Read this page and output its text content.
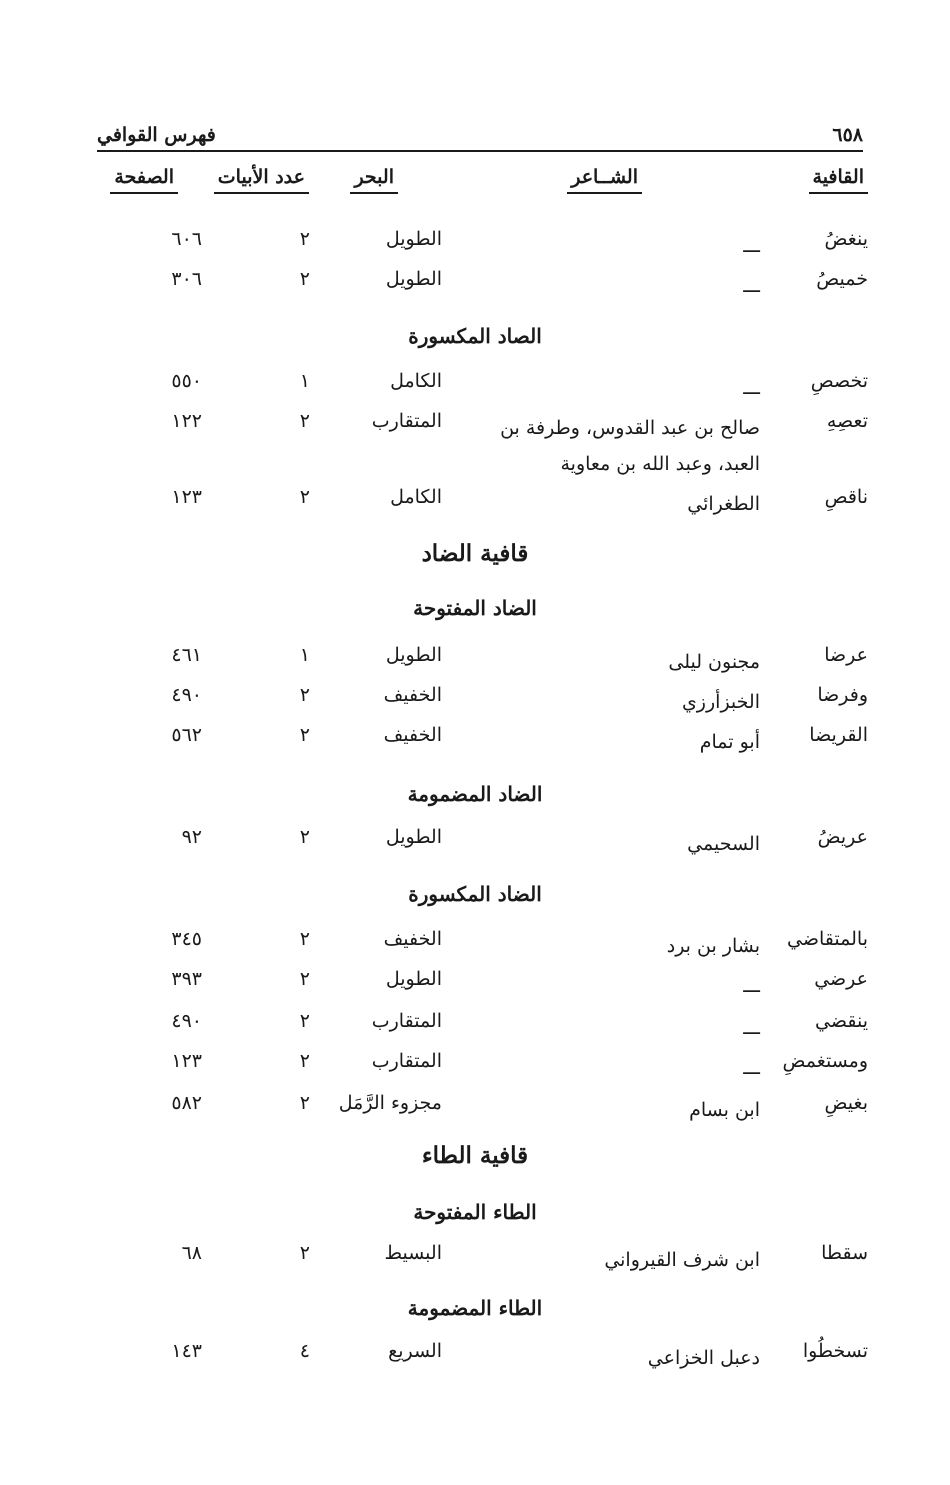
٦٥٨
فهرس القوافي
القافية
الشــاعر
البحر
عدد الأبيات
الصفحة
ينغضُ
ـــ
الطويل
٢
٦٠٦
خميصُ
ـــ
الطويل
٢
٣٠٦
الصاد المكسورة
تخصصِ
ـــ
الكامل
١
٥٥٠
تعصِهِ
صالح بن عبد القدوس، وطرفة بن العبد، وعبد الله بن معاوية
المتقارب
٢
١٢٢
ناقصِ
الطغرائي
الكامل
٢
١٢٣
قافية الضاد
الضاد المفتوحة
عرضا
مجنون ليلى
الطويل
١
٤٦١
وفرضا
الخبزأرزي
الخفيف
٢
٤٩٠
القريضا
أبو تمام
الخفيف
٢
٥٦٢
الضاد المضمومة
عريضُ
السحيمي
الطويل
٢
٩٢
الضاد المكسورة
بالمتقاضي
بشار بن برد
الخفيف
٢
٣٤٥
عرضي
ـــ
الطويل
٢
٣٩٣
ينقضي
ـــ
المتقارب
٢
٤٩٠
ومستغمضِ
ـــ
المتقارب
٢
١٢٣
بغيضِ
ابن بسام
مجزوء الرَّمَل
٢
٥٨٢
قافية الطاء
الطاء المفتوحة
سقطا
ابن شرف القيرواني
البسيط
٢
٦٨
الطاء المضمومة
تسخطُوا
دعبل الخزاعي
السريع
٤
١٤٣
